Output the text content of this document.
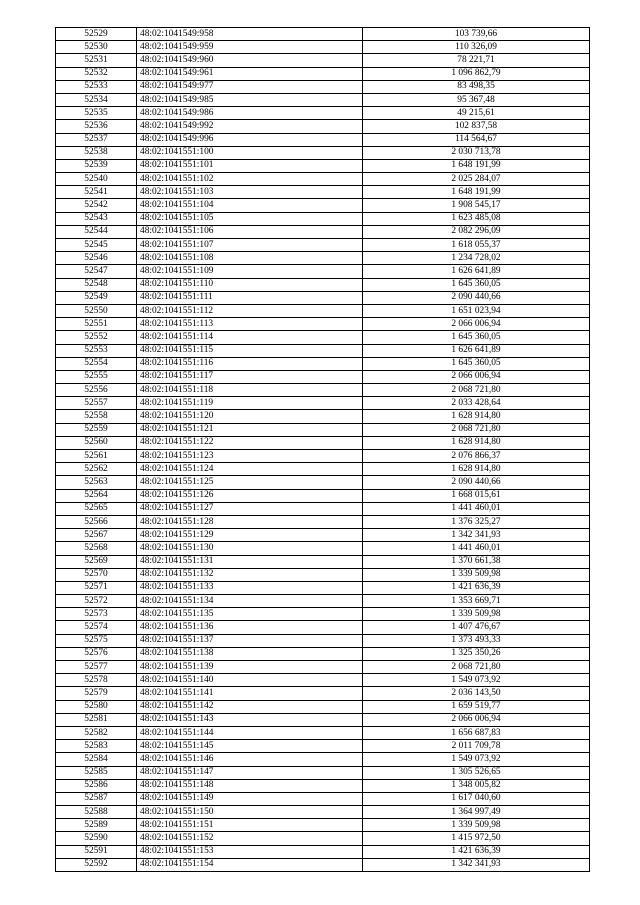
52529	48:02:1041549:958	103 739,66
52530	48:02:1041549:959	110 326,09
52531	48:02:1041549:960	78 221,71
52532	48:02:1041549:961	1 096 862,79
52533	48:02:1041549:977	83 498,35
52534	48:02:1041549:985	95 367,48
52535	48:02:1041549:986	49 215,61
52536	48:02:1041549:992	102 837,58
52537	48:02:1041549:996	114 564,67
52538	48:02:1041551:100	2 030 713,78
52539	48:02:1041551:101	1 648 191,99
52540	48:02:1041551:102	2 025 284,07
52541	48:02:1041551:103	1 648 191,99
52542	48:02:1041551:104	1 908 545,17
52543	48:02:1041551:105	1 623 485,08
52544	48:02:1041551:106	2 082 296,09
52545	48:02:1041551:107	1 618 055,37
52546	48:02:1041551:108	1 234 728,02
52547	48:02:1041551:109	1 626 641,89
52548	48:02:1041551:110	1 645 360,05
52549	48:02:1041551:111	2 090 440,66
52550	48:02:1041551:112	1 651 023,94
52551	48:02:1041551:113	2 066 006,94
52552	48:02:1041551:114	1 645 360,05
52553	48:02:1041551:115	1 626 641,89
52554	48:02:1041551:116	1 645 360,05
52555	48:02:1041551:117	2 066 006,94
52556	48:02:1041551:118	2 068 721,80
52557	48:02:1041551:119	2 033 428,64
52558	48:02:1041551:120	1 628 914,80
52559	48:02:1041551:121	2 068 721,80
52560	48:02:1041551:122	1 628 914,80
52561	48:02:1041551:123	2 076 866,37
52562	48:02:1041551:124	1 628 914,80
52563	48:02:1041551:125	2 090 440,66
52564	48:02:1041551:126	1 668 015,61
52565	48:02:1041551:127	1 441 460,01
52566	48:02:1041551:128	1 376 325,27
52567	48:02:1041551:129	1 342 341,93
52568	48:02:1041551:130	1 441 460,01
52569	48:02:1041551:131	1 370 661,38
52570	48:02:1041551:132	1 339 509,98
52571	48:02:1041551:133	1 421 636,39
52572	48:02:1041551:134	1 353 669,71
52573	48:02:1041551:135	1 339 509,98
52574	48:02:1041551:136	1 407 476,67
52575	48:02:1041551:137	1 373 493,33
52576	48:02:1041551:138	1 325 350,26
52577	48:02:1041551:139	2 068 721,80
52578	48:02:1041551:140	1 549 073,92
52579	48:02:1041551:141	2 036 143,50
52580	48:02:1041551:142	1 659 519,77
52581	48:02:1041551:143	2 066 006,94
52582	48:02:1041551:144	1 656 687,83
52583	48:02:1041551:145	2 011 709,78
52584	48:02:1041551:146	1 549 073,92
52585	48:02:1041551:147	1 305 526,65
52586	48:02:1041551:148	1 348 005,82
52587	48:02:1041551:149	1 617 040,60
52588	48:02:1041551:150	1 364 997,49
52589	48:02:1041551:151	1 339 509,98
52590	48:02:1041551:152	1 415 972,50
52591	48:02:1041551:153	1 421 636,39
52592	48:02:1041551:154	1 342 341,93
